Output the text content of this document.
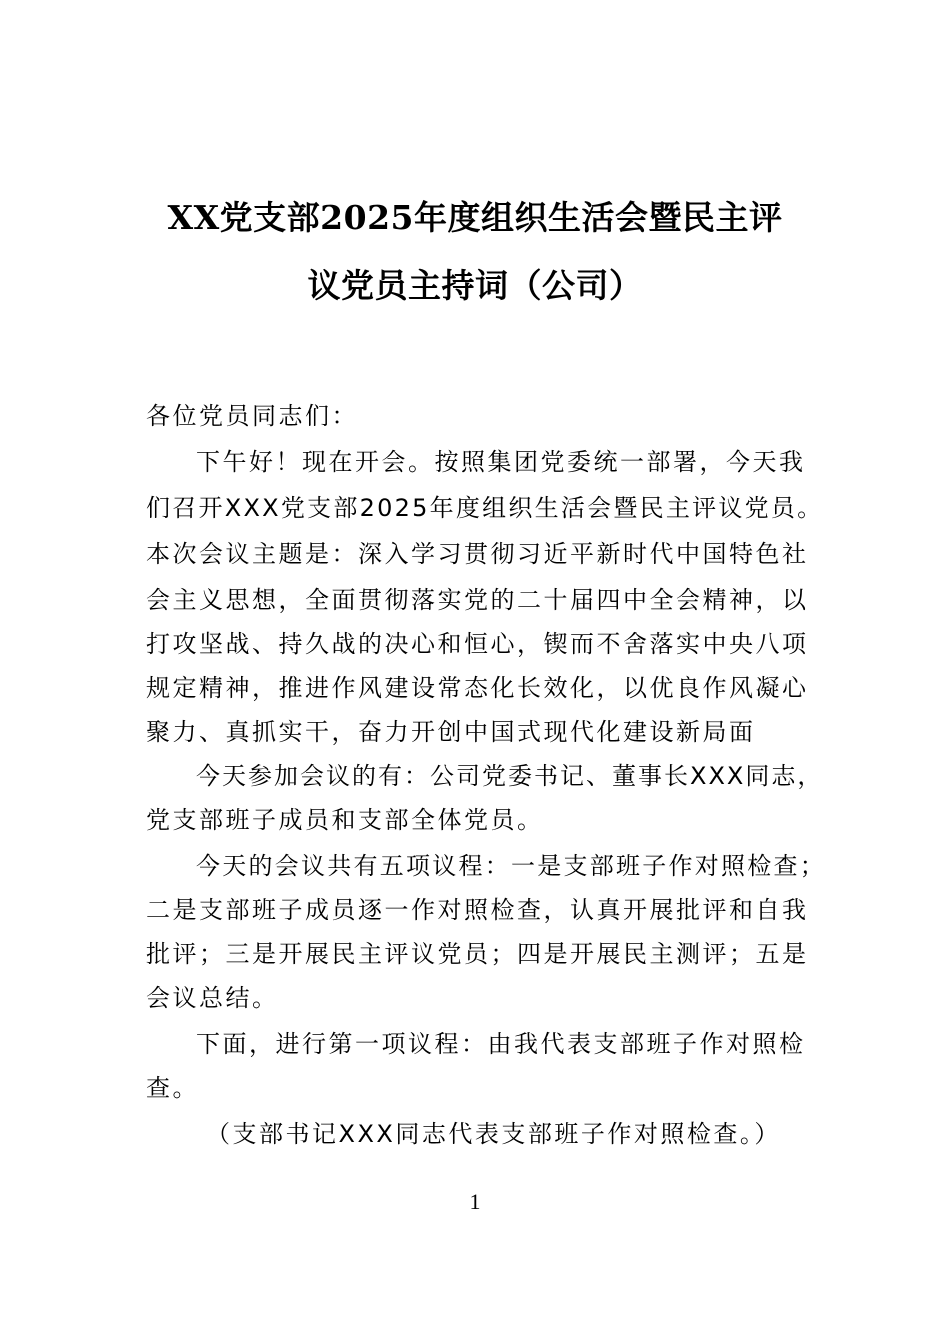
XX党支部2025年度组织生活会暨民主评
议党员主持词（公司）
各位党员同志们：
下午好！现在开会。按照集团党委统一部署，今天我
们召开XXX党支部2025年度组织生活会暨民主评议党员。
本次会议主题是：深入学习贯彻习近平新时代中国特色社
会主义思想，全面贯彻落实党的二十届四中全会精神，以
打攻坚战、持久战的决心和恒心，锲而不舍落实中央八项
规定精神，推进作风建设常态化长效化，以优良作风凝心
聚力、真抓实干，奋力开创中国式现代化建设新局面
今天参加会议的有：公司党委书记、董事长XXX同志，
党支部班子成员和支部全体党员。
今天的会议共有五项议程：一是支部班子作对照检查；
二是支部班子成员逐一作对照检查，认真开展批评和自我
批评；三是开展民主评议党员；四是开展民主测评；五是
会议总结。
下面，进行第一项议程：由我代表支部班子作对照检
查。
（支部书记XXX同志代表支部班子作对照检查。）
1
